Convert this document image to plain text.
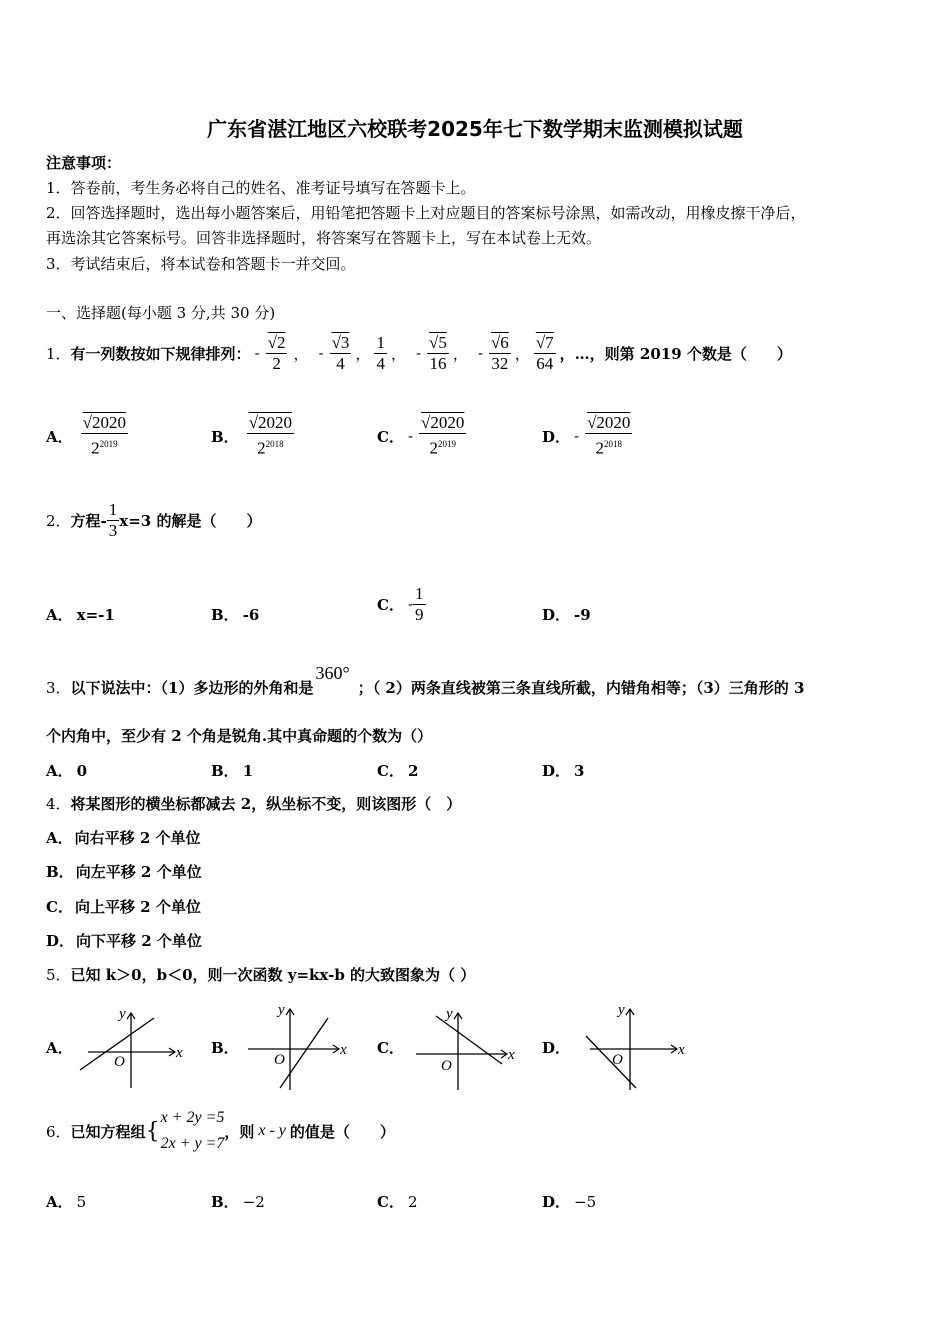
广东省湛江地区六校联考2025年七下数学期末监测模拟试题
注意事项：
1．答卷前，考生务必将自己的姓名、准考证号填写在答题卡上。
2．回答选择题时，选出每小题答案后，用铅笔把答题卡上对应题目的答案标号涂黑，如需改动，用橡皮擦干净后，
再选涂其它答案标号。回答非选择题时，将答案写在答题卡上，写在本试卷上无效。
3．考试结束后，将本试卷和答题卡一并交回。
一、选择题(每小题 3 分,共 30 分)
1． 有一列数按如下规律排列： - $\frac{√2}{2}$ ， - $\frac{√3}{4}$ ， $\frac{1}{4}$ ， - $\frac{√5}{16}$ ， - $\frac{√6}{32}$ ， $\frac{√7}{64}$ ，…，则第 2019 个数是（　　）
A． $\frac{√2020}{2^{2019}}$	B． $\frac{√2020}{2^{2018}}$	C． - $\frac{√2020}{2^{2019}}$	D． - $\frac{√2020}{2^{2018}}$
2． 方程- $\frac{1}{3} x=3$ 的解是（　　）
A． x=-1	B． -6
C． - $\frac{1}{9}$	D． -9
3． 以下说法中：（1）多边形的外角和是
360°
；（ 2）两条直线被第三条直线所截，内错角相等；（3）三角形的 3
个内角中，至少有 2 个角是锐角.其中真命题的个数为（）
A． 0	B． 1	C． 2	D． 3
4．将某图形的横坐标都减去 2，纵坐标不变，则该图形（　）
A． 向右平移 2 个单位
B． 向左平移 2 个单位
C． 向上平移 2 个单位
D． 向下平移 2 个单位
5．已知 k＞0，b＜0，则一次函数 y=kx-b 的大致图象为（ ）
A．	B．	C．	D．
x
y
O
x
y
O	x
y
O
x
y
O
6． 已知方程组 {
x + 2y =5
2x + y =7
，则 x - y 的值是（　　）
A． 5	B． −2	C． 2	D． −5
